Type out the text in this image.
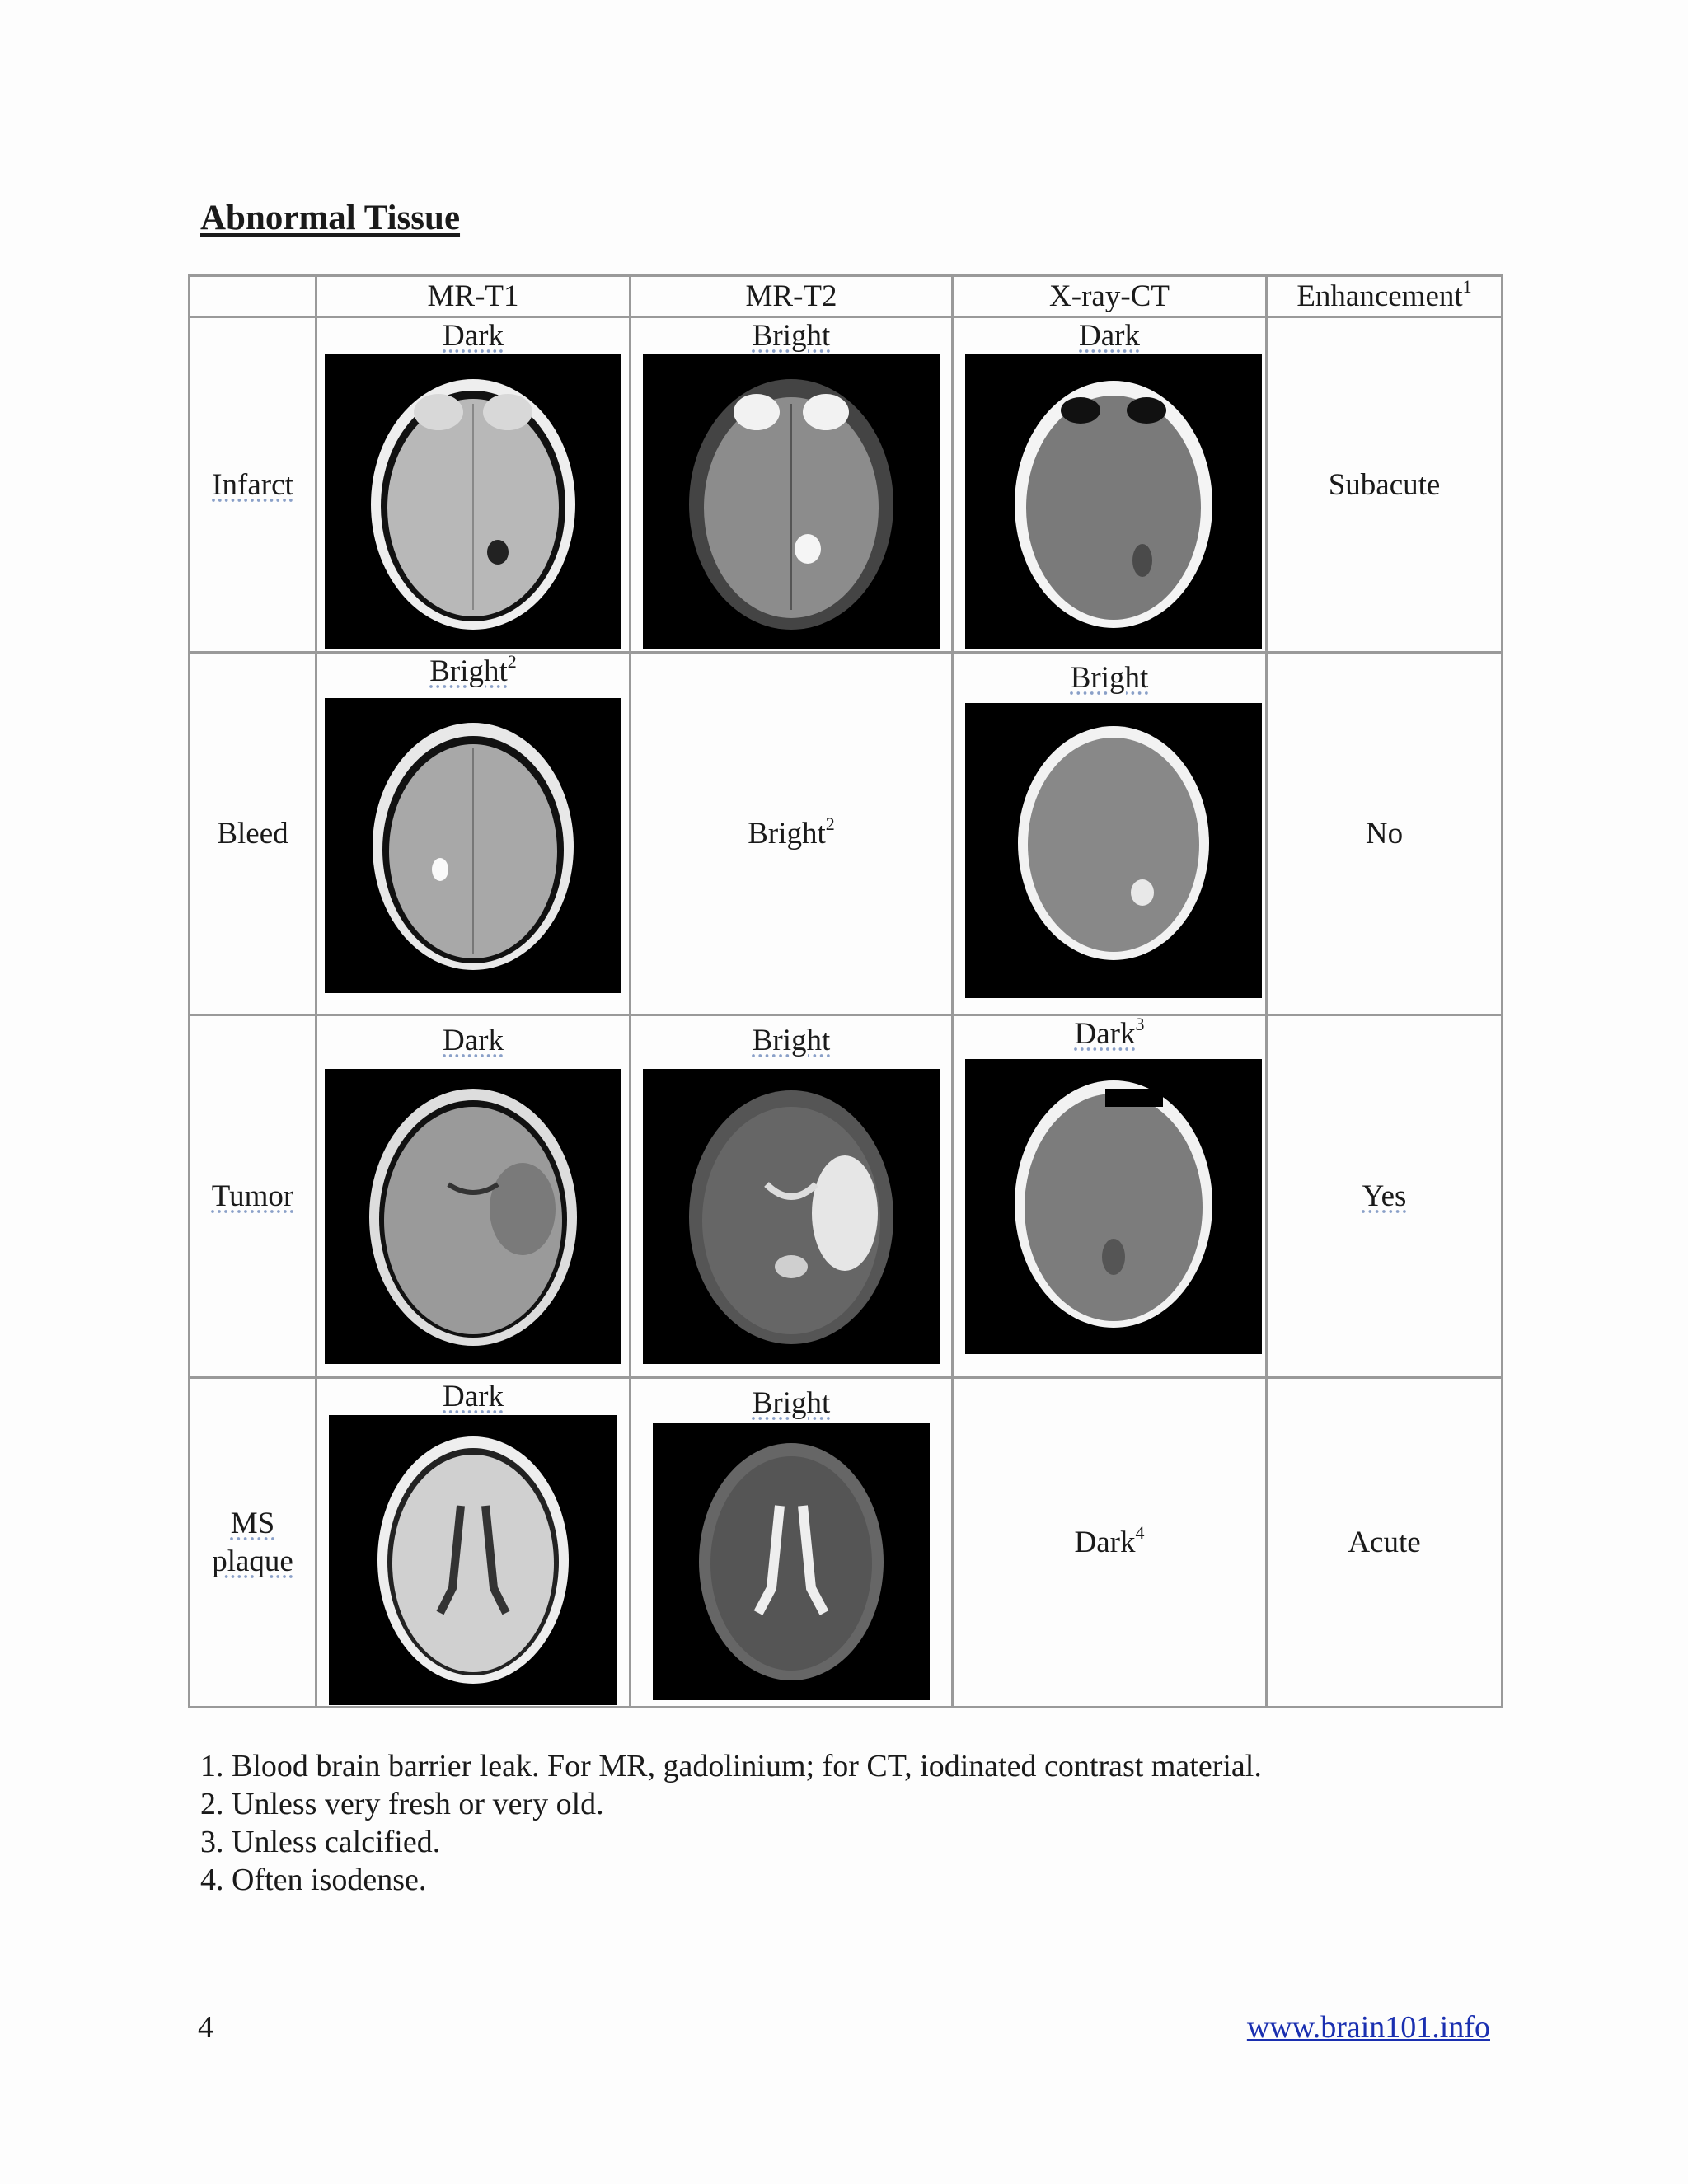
Abnormal Tissue
	MR-T1	MR-T2	X-ray-CT	Enhancement$^1$
Infarct	Dark	Bright	Dark	Subacute
Bleed	Bright$^2$	Bright$^2$	Bright	No
Tumor	Dark	Bright	Dark$^3$	Yes

MS
plaque	Dark	Bright	Dark$^4$	Acute
1. Blood brain barrier leak. For MR, gadolinium; for CT, iodinated contrast material.
2. Unless very fresh or very old.
3. Unless calcified.
4. Often isodense.
4	www.brain101.info
